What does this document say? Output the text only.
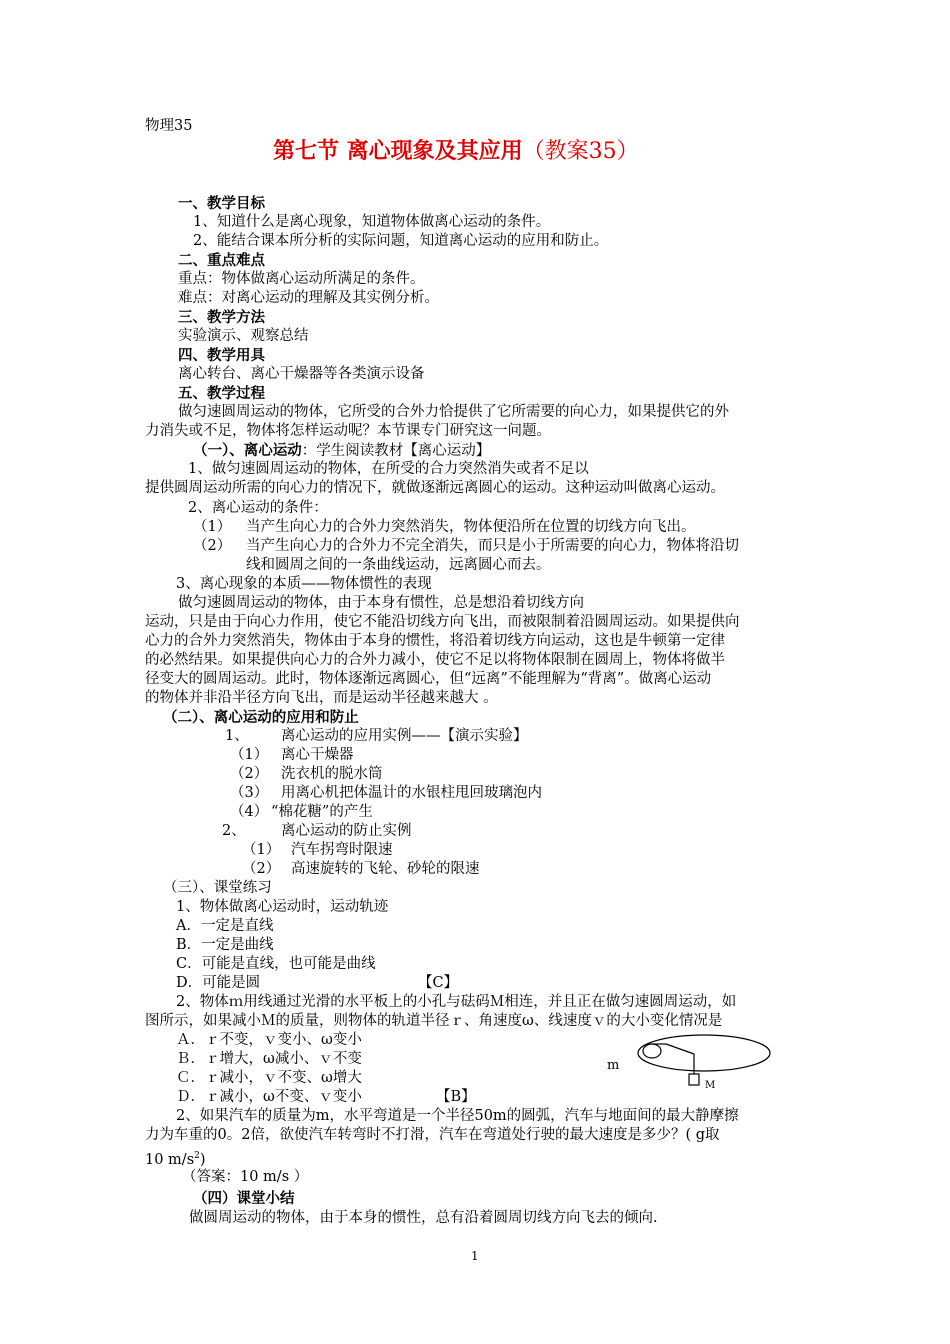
物理35
第七节 离心现象及其应用（教案35）
一、教学目标
1、知道什么是离心现象，知道物体做离心运动的条件。
2、能结合课本所分析的实际问题，知道离心运动的应用和防止。
二、重点难点
重点：物体做离心运动所满足的条件。
难点：对离心运动的理解及其实例分析。
三、教学方法
实验演示、观察总结
四、教学用具
离心转台、离心干燥器等各类演示设备
五、教学过程
做匀速圆周运动的物体，它所受的合外力恰提供了它所需要的向心力，如果提供它的外
力消失或不足，物体将怎样运动呢？本节课专门研究这一问题。
（一）、离心运动：学生阅读教材【离心运动】
1、做匀速圆周运动的物体，在所受的合力突然消失或者不足以
提供圆周运动所需的向心力的情况下，就做逐渐远离圆心的运动。这种运动叫做离心运动。
2、离心运动的条件：
（1） 当产生向心力的合外力突然消失，物体便沿所在位置的切线方向飞出。
（2） 当产生向心力的合外力不完全消失，而只是小于所需要的向心力，物体将沿切
线和圆周之间的一条曲线运动，远离圆心而去。
3、离心现象的本质——物体惯性的表现
做匀速圆周运动的物体，由于本身有惯性，总是想沿着切线方向
运动，只是由于向心力作用，使它不能沿切线方向飞出，而被限制着沿圆周运动。如果提供向
心力的合外力突然消失，物体由于本身的惯性，将沿着切线方向运动，这也是牛顿第一定律
的必然结果。如果提供向心力的合外力减小，使它不足以将物体限制在圆周上，物体将做半
径变大的圆周运动。此时，物体逐渐远离圆心，但“远离”不能理解为“背离”。做离心运动
的物体并非沿半径方向飞出，而是运动半径越来越大 。
（二）、离心运动的应用和防止
1、 离心运动的应用实例——【演示实验】
（1） 离心干燥器
（2） 洗衣机的脱水筒
（3） 用离心机把体温计的水银柱甩回玻璃泡内
（4） “棉花糖”的产生
2、 离心运动的防止实例
（1） 汽车拐弯时限速
（2） 高速旋转的飞轮、砂轮的限速
（三）、课堂练习
1、物体做离心运动时，运动轨迹
A．一定是直线
B．一定是曲线
C．可能是直线，也可能是曲线
D．可能是圆	【C】
2、物体ｍ用线通过光滑的水平板上的小孔与砝码Ｍ相连，并且正在做匀速圆周运动，如
图所示，如果减小Ｍ的质量，则物体的轨道半径ｒ、角速度ω、线速度ｖ的大小变化情况是
Ａ．ｒ不变，ｖ变小、ω变小
Ｂ．ｒ增大，ω减小、ｖ不变
Ｃ．ｒ减小，ｖ不变、ω增大
Ｄ．ｒ减小，ω不变、ｖ变小	【B】
m
M
2、如果汽车的质量为m，水平弯道是一个半径50m的圆弧，汽车与地面间的最大静摩擦
力为车重的0。2倍，欲使汽车转弯时不打滑，汽车在弯道处行驶的最大速度是多少？( g取
10 $m/s^2$)
（答案：10 m/s ）
（四）课堂小结
做圆周运动的物体，由于本身的惯性，总有沿着圆周切线方向飞去的倾向.
1
